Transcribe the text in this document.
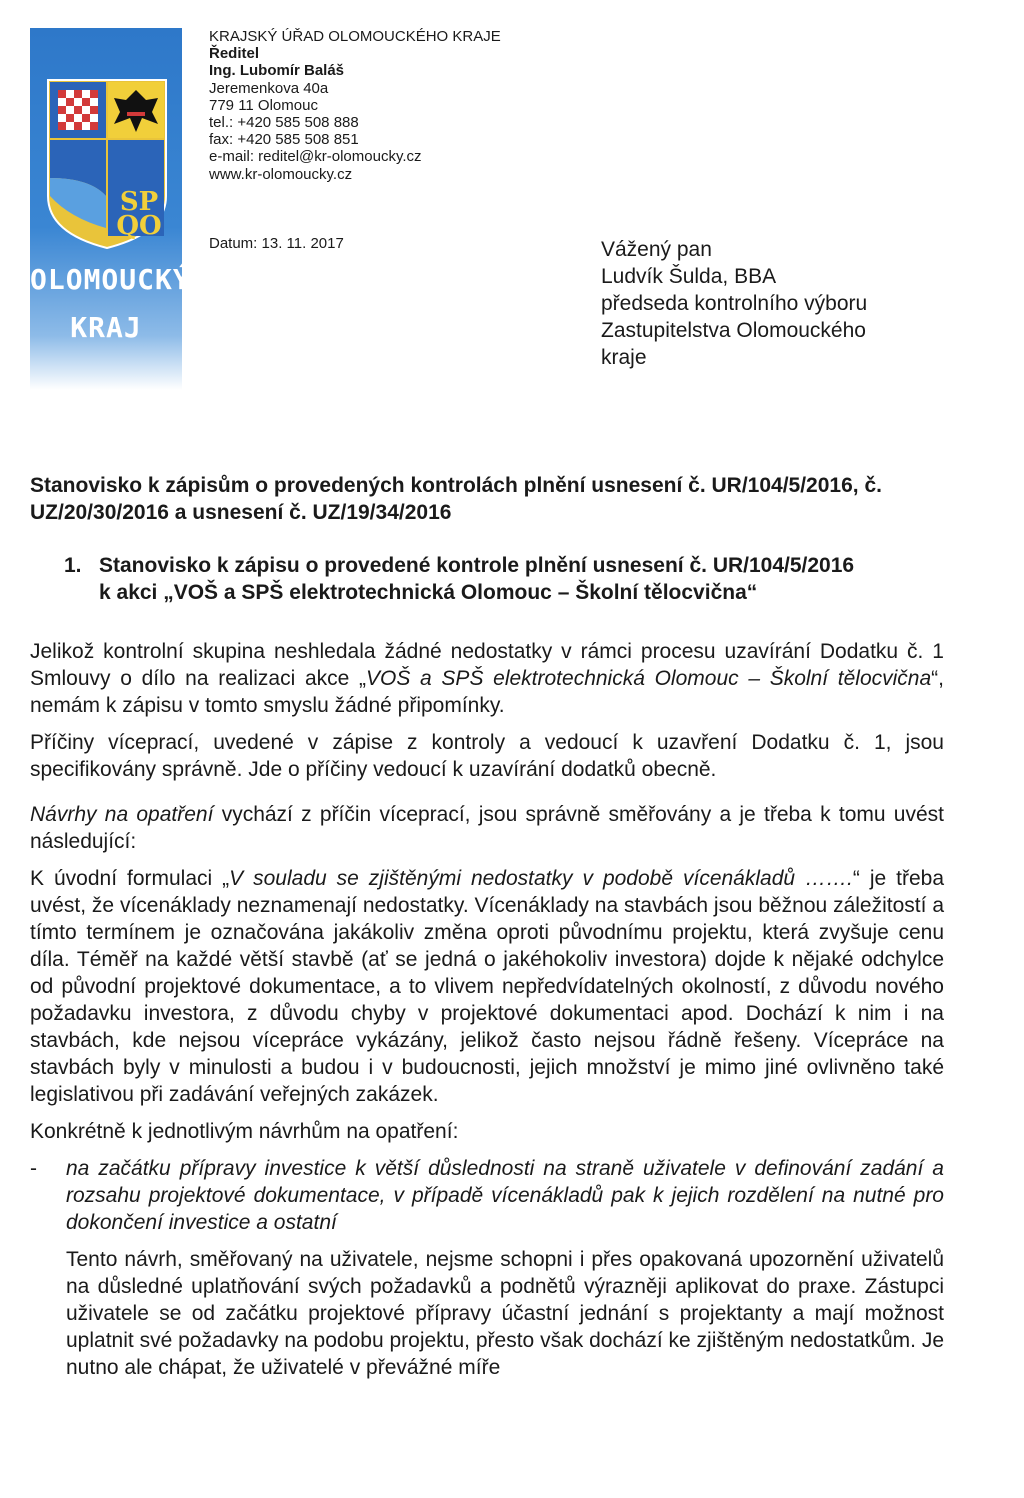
SP
QO
OLOMOUCKÝ
KRAJ
KRAJSKÝ ÚŘAD OLOMOUCKÉHO KRAJE
Ředitel
Ing. Lubomír Baláš
Jeremenkova 40a
779 11 Olomouc
tel.: +420 585 508 888
fax: +420 585 508 851
e-mail: reditel@kr-olomoucky.cz
www.kr-olomoucky.cz
Datum: 13. 11. 2017	Vážený pan
Ludvík Šulda, BBA
předseda kontrolního výboru
Zastupitelstva Olomouckého
kraje
Stanovisko k zápisům o provedených kontrolách plnění usnesení č. UR/104/5/2016, č. UZ/20/30/2016 a usnesení č. UZ/19/34/2016
1. Stanovisko k zápisu o provedené kontrole plnění usnesení č. UR/104/5/2016
k akci „VOŠ a SPŠ elektrotechnická Olomouc – Školní tělocvična“

Jelikož kontrolní skupina neshledala žádné nedostatky v rámci procesu uzavírání Dodatku č. 1 Smlouvy o dílo na realizaci akce „VOŠ a SPŠ elektrotechnická Olomouc – Školní tělocvična“, nemám k zápisu v tomto smyslu žádné připomínky.

Příčiny víceprací, uvedené v zápise z kontroly a vedoucí k uzavření Dodatku č. 1, jsou specifikovány správně. Jde o příčiny vedoucí k uzavírání dodatků obecně.

Návrhy na opatření vychází z příčin víceprací, jsou správně směřovány a je třeba k tomu uvést následující:

K úvodní formulaci „V souladu se zjištěnými nedostatky v podobě vícenákladů …….“ je třeba uvést, že vícenáklady neznamenají nedostatky. Vícenáklady na stavbách jsou běžnou záležitostí a tímto termínem je označována jakákoliv změna oproti původnímu projektu, která zvyšuje cenu díla. Téměř na každé větší stavbě (ať se jedná o jakéhokoliv investora) dojde k nějaké odchylce od původní projektové dokumentace, a to vlivem nepředvídatelných okolností, z důvodu nového požadavku investora, z důvodu chyby v projektové dokumentaci apod. Dochází k nim i na stavbách, kde nejsou vícepráce vykázány, jelikož často nejsou řádně řešeny. Vícepráce na stavbách byly v minulosti a budou i v budoucnosti, jejich množství je mimo jiné ovlivněno také legislativou při zadávání veřejných zakázek.

Konkrétně k jednotlivým návrhům na opatření:

- na začátku přípravy investice k větší důslednosti na straně uživatele v definování zadání a rozsahu projektové dokumentace, v případě vícenákladů pak k jejich rozdělení na nutné pro dokončení investice a ostatní

Tento návrh, směřovaný na uživatele, nejsme schopni i přes opakovaná upozornění uživatelů na důsledné uplatňování svých požadavků a podnětů výrazněji aplikovat do praxe. Zástupci uživatele se od začátku projektové přípravy účastní jednání s projektanty a mají možnost uplatnit své požadavky na podobu projektu, přesto však dochází ke zjištěným nedostatkům. Je nutno ale chápat, že uživatelé v převážné míře
